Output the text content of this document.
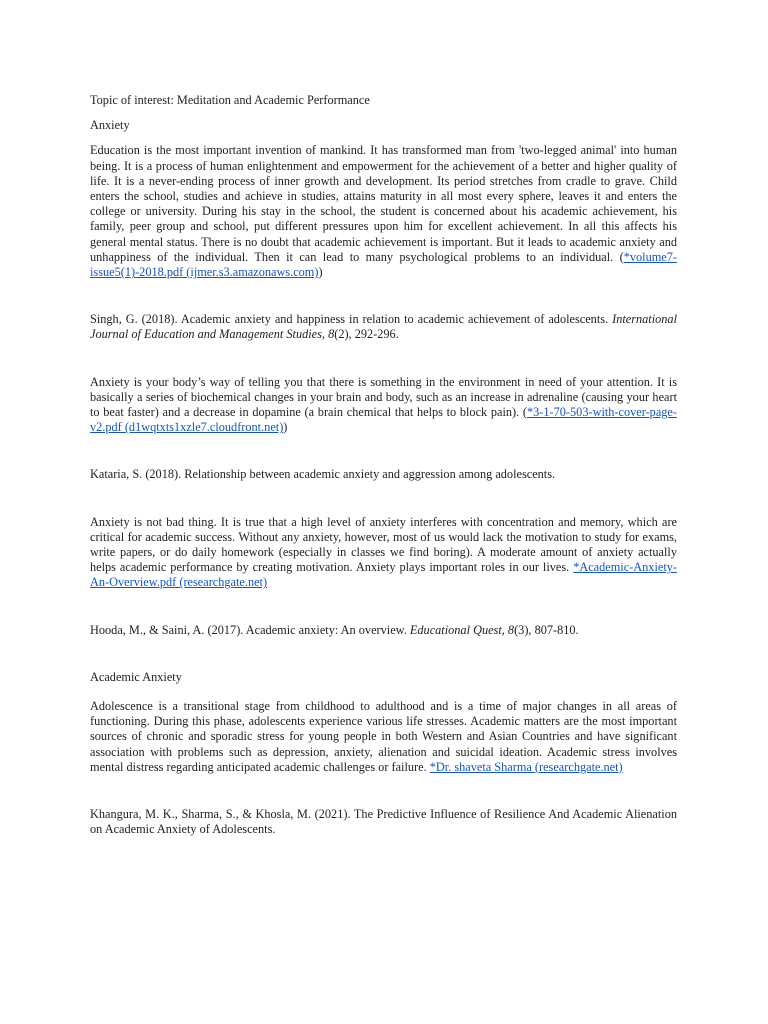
Topic of interest: Meditation and Academic Performance

Anxiety

Education is the most important invention of mankind. It has transformed man from 'two-legged animal' into human being. It is a process of human enlightenment and empowerment for the achievement of a better and higher quality of life. It is a never-ending process of inner growth and development. Its period stretches from cradle to grave. Child enters the school, studies and achieve in studies, attains maturity in all most every sphere, leaves it and enters the college or university. During his stay in the school, the student is concerned about his academic achievement, his family, peer group and school, put different pressures upon him for excellent achievement. In all this affects his general mental status. There is no doubt that academic achievement is important. But it leads to academic anxiety and unhappiness of the individual. Then it can lead to many psychological problems to an individual. (*volume7-issue5(1)-2018.pdf (ijmer.s3.amazonaws.com))

Singh, G. (2018). Academic anxiety and happiness in relation to academic achievement of adolescents. International Journal of Education and Management Studies, 8(2), 292-296.

Anxiety is your body’s way of telling you that there is something in the environment in need of your attention. It is basically a series of biochemical changes in your brain and body, such as an increase in adrenaline (causing your heart to beat faster) and a decrease in dopamine (a brain chemical that helps to block pain). (*3-1-70-503-with-cover-page-v2.pdf (d1wqtxts1xzle7.cloudfront.net))

Kataria, S. (2018). Relationship between academic anxiety and aggression among adolescents.

Anxiety is not bad thing. It is true that a high level of anxiety interferes with concentration and memory, which are critical for academic success. Without any anxiety, however, most of us would lack the motivation to study for exams, write papers, or do daily homework (especially in classes we find boring). A moderate amount of anxiety actually helps academic performance by creating motivation. Anxiety plays important roles in our lives. *Academic-Anxiety-An-Overview.pdf (researchgate.net)

Hooda, M., & Saini, A. (2017). Academic anxiety: An overview. Educational Quest, 8(3), 807-810.

Academic Anxiety

Adolescence is a transitional stage from childhood to adulthood and is a time of major changes in all areas of functioning. During this phase, adolescents experience various life stresses. Academic matters are the most important sources of chronic and sporadic stress for young people in both Western and Asian Countries and have significant association with problems such as depression, anxiety, alienation and suicidal ideation. Academic stress involves mental distress regarding anticipated academic challenges or failure. *Dr. shaveta Sharma (researchgate.net)

Khangura, M. K., Sharma, S., & Khosla, M. (2021). The Predictive Influence of Resilience And Academic Alienation on Academic Anxiety of Adolescents.
